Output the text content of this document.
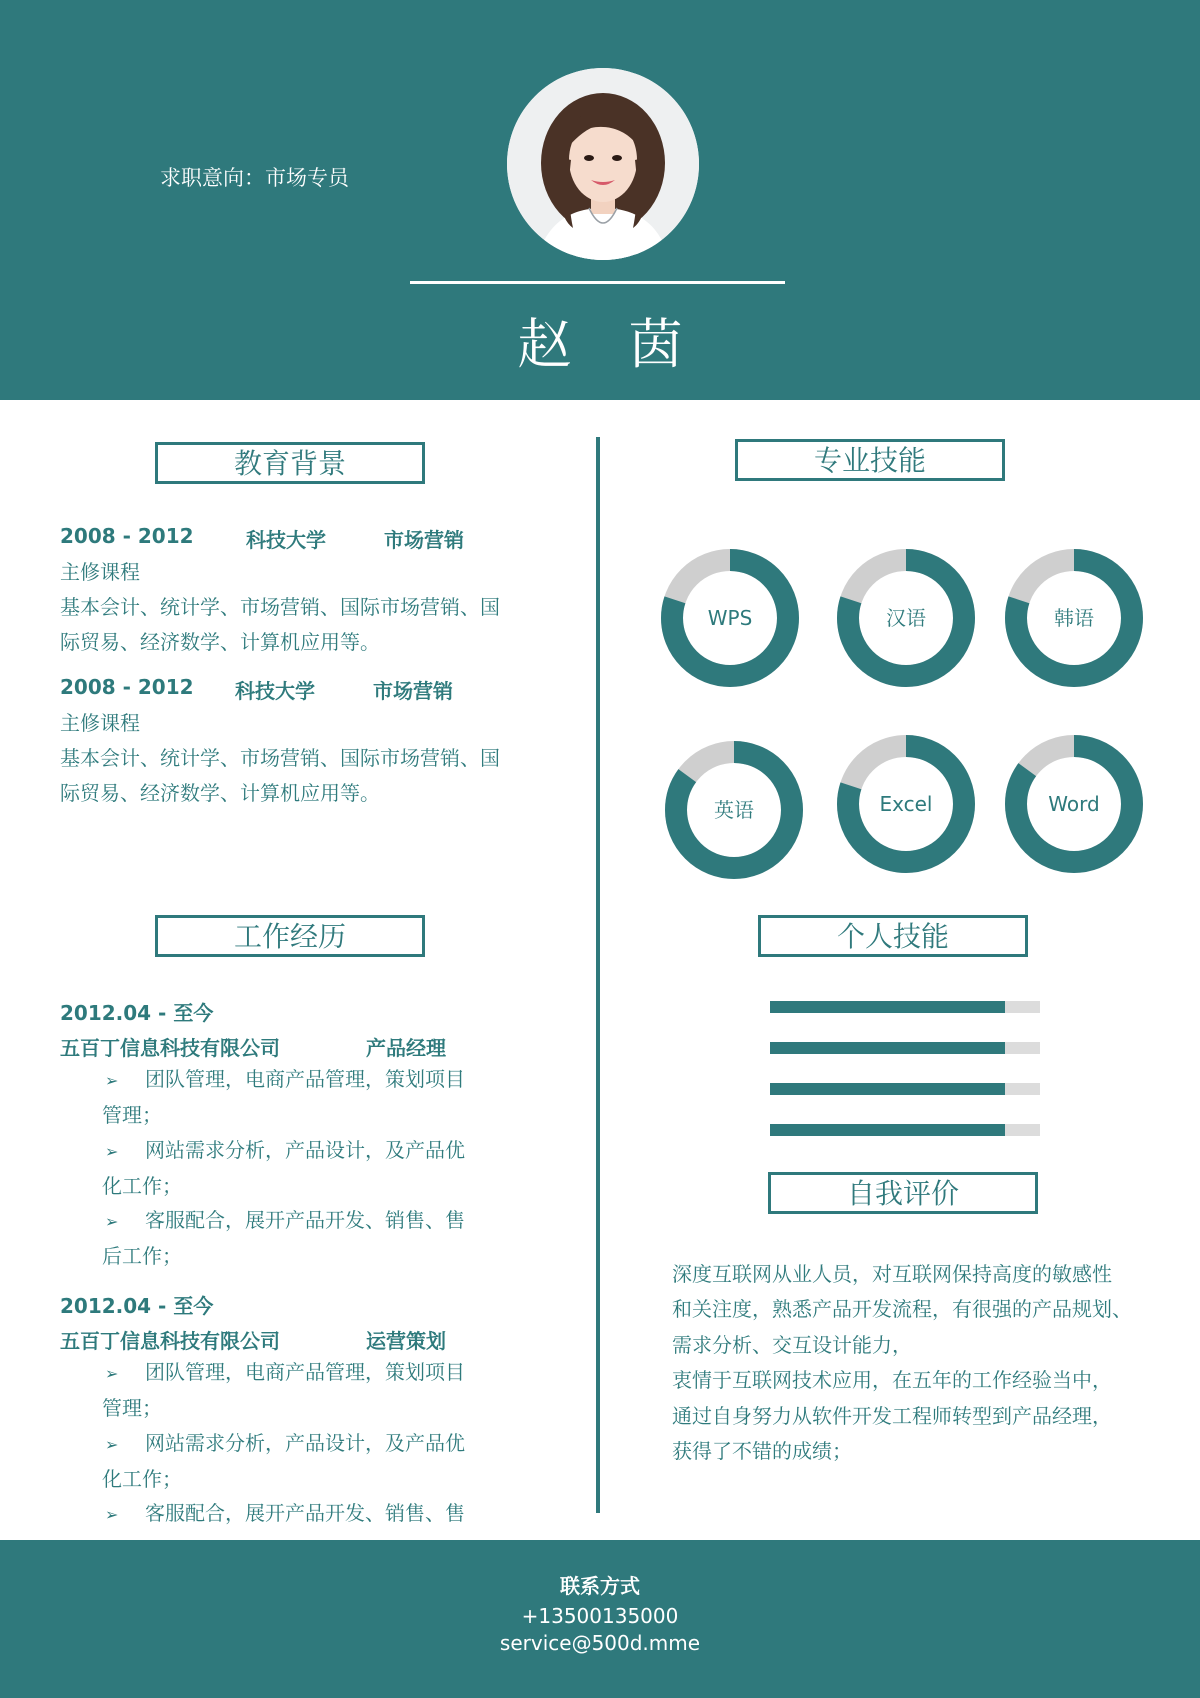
求职意向：市场专员
赵 茵
教育背景
2008 - 2012	科技大学	市场营销
主修课程
基本会计、统计学、市场营销、国际市场营销、国
际贸易、经济数学、计算机应用等。
2008 - 2012 科技大学	市场营销
主修课程
基本会计、统计学、市场营销、国际市场营销、国
际贸易、经济数学、计算机应用等。
工作经历
2012.04 - 至今
五百丁信息科技有限公司	产品经理
➢ 团队管理，电商产品管理，策划项目
管理；
➢ 网站需求分析，产品设计，及产品优
化工作；
➢ 客服配合，展开产品开发、销售、售
后工作；
2012.04 - 至今
五百丁信息科技有限公司	运营策划
➢ 团队管理，电商产品管理，策划项目
管理；
➢ 网站需求分析，产品设计，及产品优
化工作；
➢ 客服配合，展开产品开发、销售、售
专业技能
WPS	汉语	韩语
英语	Excel	Word
个人技能
自我评价
深度互联网从业人员，对互联网保持高度的敏感性
和关注度，熟悉产品开发流程，有很强的产品规划、
需求分析、交互设计能力，
衷情于互联网技术应用，在五年的工作经验当中，
通过自身努力从软件开发工程师转型到产品经理，
获得了不错的成绩；
联系方式
+13500135000
service@500d.mme
